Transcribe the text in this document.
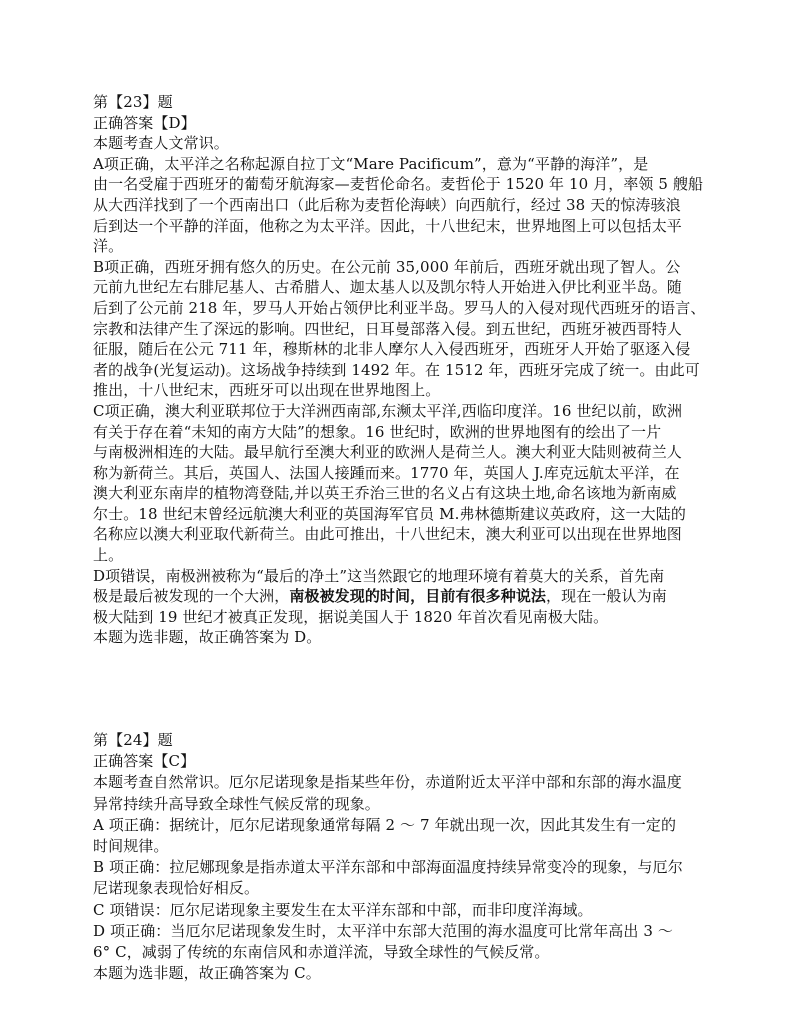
第【23】题
正确答案【D】
本题考查人文常识。
A项正确，太平洋之名称起源自拉丁文“Mare Pacificum”，意为“平静的海洋”，是
由一名受雇于西班牙的葡萄牙航海家—麦哲伦命名。麦哲伦于 1520 年 10 月，率领 5 艘船
从大西洋找到了一个西南出口（此后称为麦哲伦海峡）向西航行，经过 38 天的惊涛骇浪
后到达一个平静的洋面，他称之为太平洋。因此，十八世纪末，世界地图上可以包括太平
洋。
B项正确，西班牙拥有悠久的历史。在公元前 35,000 年前后，西班牙就出现了智人。公
元前九世纪左右腓尼基人、古希腊人、迦太基人以及凯尔特人开始进入伊比利亚半岛。随
后到了公元前 218 年，罗马人开始占领伊比利亚半岛。罗马人的入侵对现代西班牙的语言、
宗教和法律产生了深远的影响。四世纪，日耳曼部落入侵。到五世纪，西班牙被西哥特人
征服，随后在公元 711 年，穆斯林的北非人摩尔人入侵西班牙，西班牙人开始了驱逐入侵
者的战争(光复运动)。这场战争持续到 1492 年。在 1512 年，西班牙完成了统一。由此可
推出，十八世纪末，西班牙可以出现在世界地图上。
C项正确，澳大利亚联邦位于大洋洲西南部,东濒太平洋,西临印度洋。16 世纪以前，欧洲
有关于存在着“未知的南方大陆”的想象。16 世纪时，欧洲的世界地图有的绘出了一片
与南极洲相连的大陆。最早航行至澳大利亚的欧洲人是荷兰人。澳大利亚大陆则被荷兰人
称为新荷兰。其后，英国人、法国人接踵而来。1770 年，英国人 J.库克远航太平洋，在
澳大利亚东南岸的植物湾登陆,并以英王乔治三世的名义占有这块土地,命名该地为新南威
尔士。18 世纪末曾经远航澳大利亚的英国海军官员 M.弗林德斯建议英政府，这一大陆的
名称应以澳大利亚取代新荷兰。由此可推出，十八世纪末，澳大利亚可以出现在世界地图
上。
D项错误，南极洲被称为“最后的净土”这当然跟它的地理环境有着莫大的关系，首先南
极是最后被发现的一个大洲，南极被发现的时间，目前有很多种说法，现在一般认为南
极大陆到 19 世纪才被真正发现，据说美国人于 1820 年首次看见南极大陆。
本题为选非题，故正确答案为 D。
第【24】题
正确答案【C】
本题考查自然常识。厄尔尼诺现象是指某些年份，赤道附近太平洋中部和东部的海水温度
异常持续升高导致全球性气候反常的现象。
A 项正确：据统计，厄尔尼诺现象通常每隔 2 ～ 7 年就出现一次，因此其发生有一定的
时间规律。
B 项正确：拉尼娜现象是指赤道太平洋东部和中部海面温度持续异常变冷的现象，与厄尔
尼诺现象表现恰好相反。
C 项错误：厄尔尼诺现象主要发生在太平洋东部和中部，而非印度洋海域。
D 项正确：当厄尔尼诺现象发生时，太平洋中东部大范围的海水温度可比常年高出 3 ～
6° C，减弱了传统的东南信风和赤道洋流，导致全球性的气候反常。
本题为选非题，故正确答案为 C。
